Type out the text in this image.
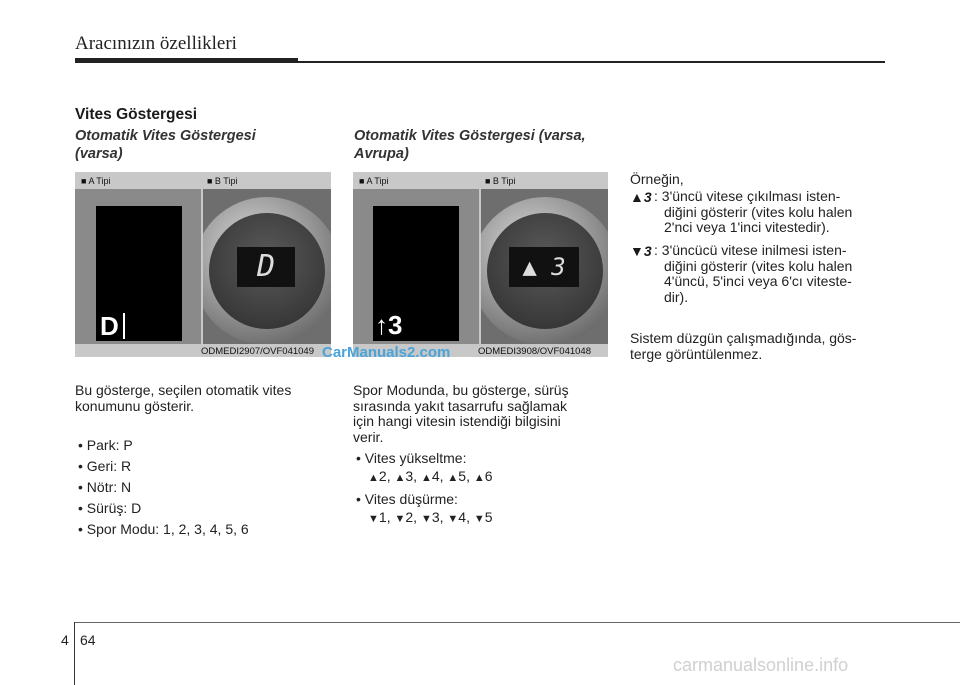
Aracınızın özellikleri
Vites Göstergesi
Otomatik Vites Göstergesi
(varsa)
■ A Tipi	■ B Tipi
D
D
ODMEDI2907/OVF041049
Bu gösterge, seçilen otomatik vites
konumunu gösterir.
• Park: P
• Geri: R
• Nötr: N
• Sürüş: D
• Spor Modu: 1, 2, 3, 4, 5, 6
Otomatik Vites Göstergesi (varsa,
Avrupa)
■ A Tipi	■ B Tipi
↑3
▲ 3
ODMEDI3908/OVF041048
Spor Modunda, bu gösterge, sürüş
sırasında yakıt tasarrufu sağlamak
için hangi vitesin istendiği bilgisini
verir.
• Vites yükseltme:
▲2, ▲3, ▲4, ▲5, ▲6
• Vites düşürme:
▼1, ▼2, ▼3, ▼4, ▼5
Örneğin,
▲3 : 3'üncü vitese çıkılması isten-
diğini gösterir (vites kolu halen
2'nci veya 1'inci vitestedir).
▼3 : 3'üncücü vitese inilmesi isten-
diğini gösterir (vites kolu halen
4'üncü, 5'inci veya 6'cı viteste-
dir).
Sistem düzgün çalışmadığında, gös-
terge görüntülenmez.
4 64
CarManuals2.com
carmanualsonline.info
